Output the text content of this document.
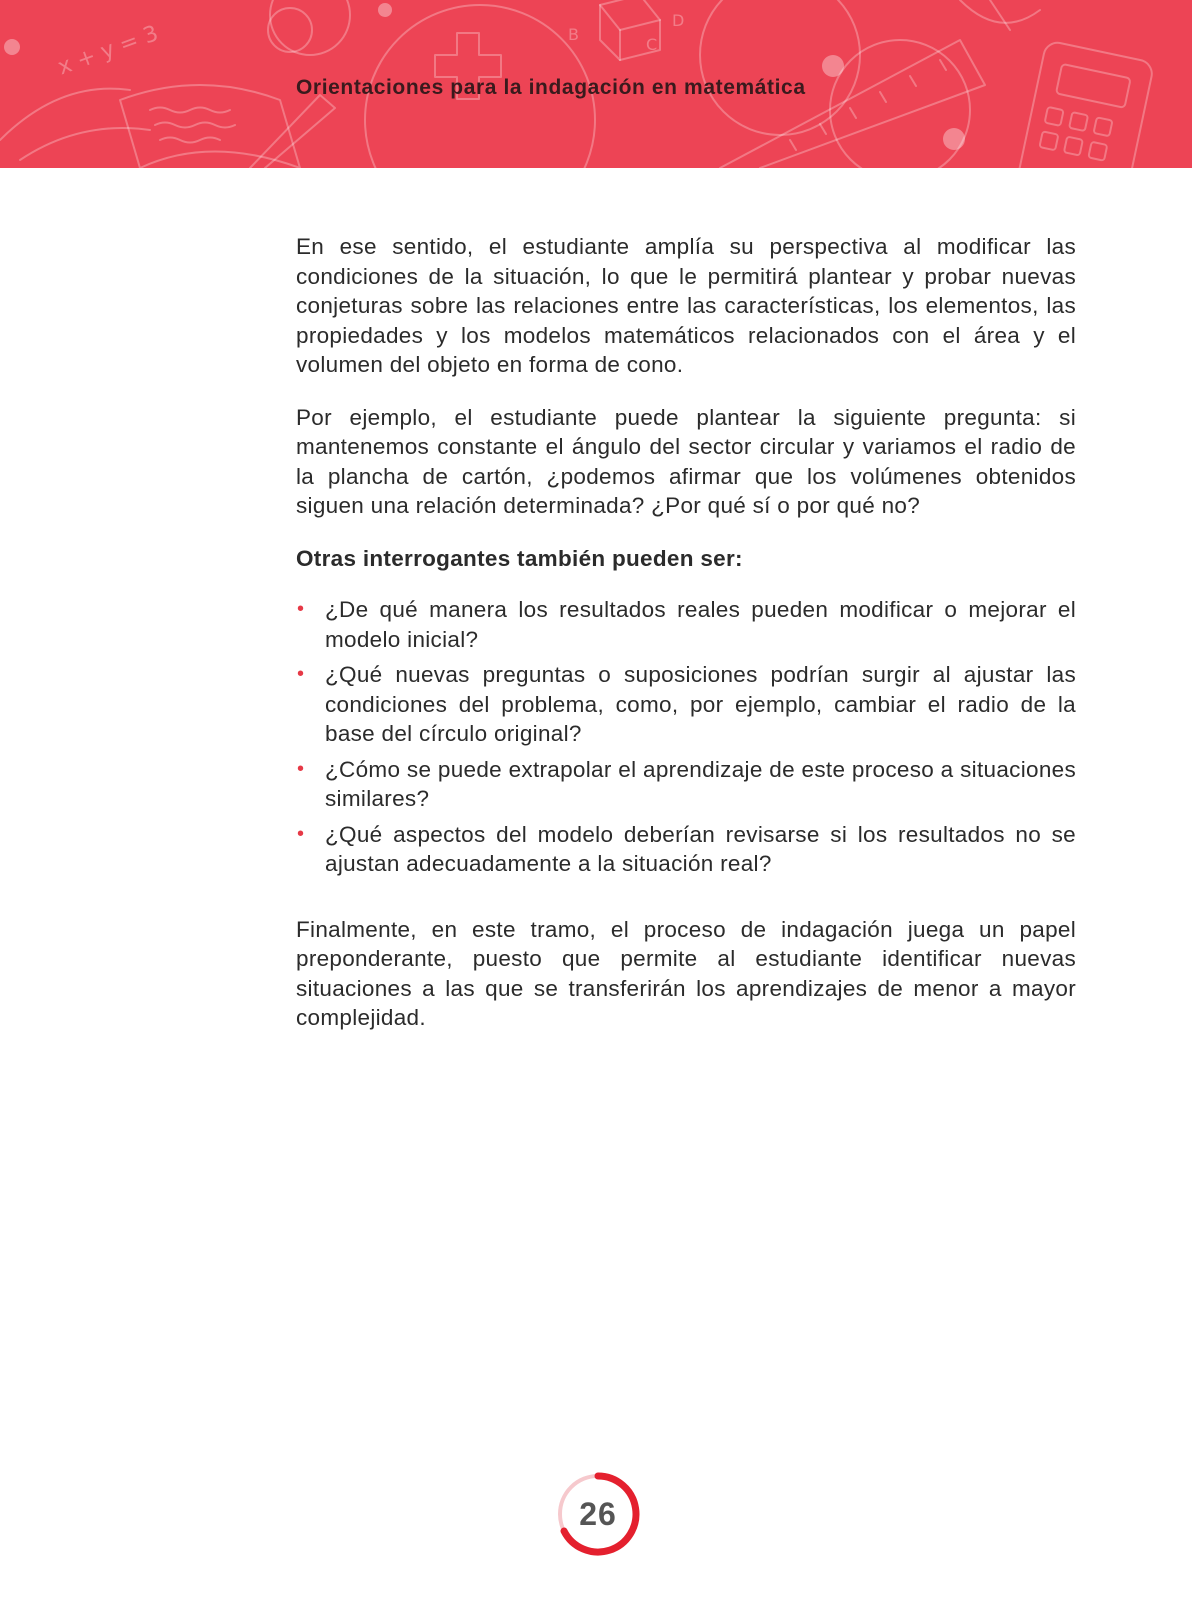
x + y = 3	B
C
D
Orientaciones para la indagación en matemática

En ese sentido, el estudiante amplía su perspectiva al modificar las condiciones de la situación, lo que le permitirá plantear y probar nuevas conjeturas sobre las relaciones entre las características, los elementos, las propiedades y los modelos matemáticos relacionados con el área y el volumen del objeto en forma de cono.

Por ejemplo, el estudiante puede plantear la siguiente pregunta: si mantenemos constante el ángulo del sector circular y variamos el radio de la plancha de cartón, ¿podemos afirmar que los volúmenes obtenidos siguen una relación determinada? ¿Por qué sí o por qué no?

Otras interrogantes también pueden ser:

• ¿De qué manera los resultados reales pueden modificar o mejorar el modelo inicial?
• ¿Qué nuevas preguntas o suposiciones podrían surgir al ajustar las condiciones del problema, como, por ejemplo, cambiar el radio de la base del círculo original?
• ¿Cómo se puede extrapolar el aprendizaje de este proceso a situaciones similares?
• ¿Qué aspectos del modelo deberían revisarse si los resultados no se ajustan adecuadamente a la situación real?

Finalmente, en este tramo, el proceso de indagación juega un papel preponderante, puesto que permite al estudiante identificar nuevas situaciones a las que se transferirán los aprendizajes de menor a mayor complejidad.

26
